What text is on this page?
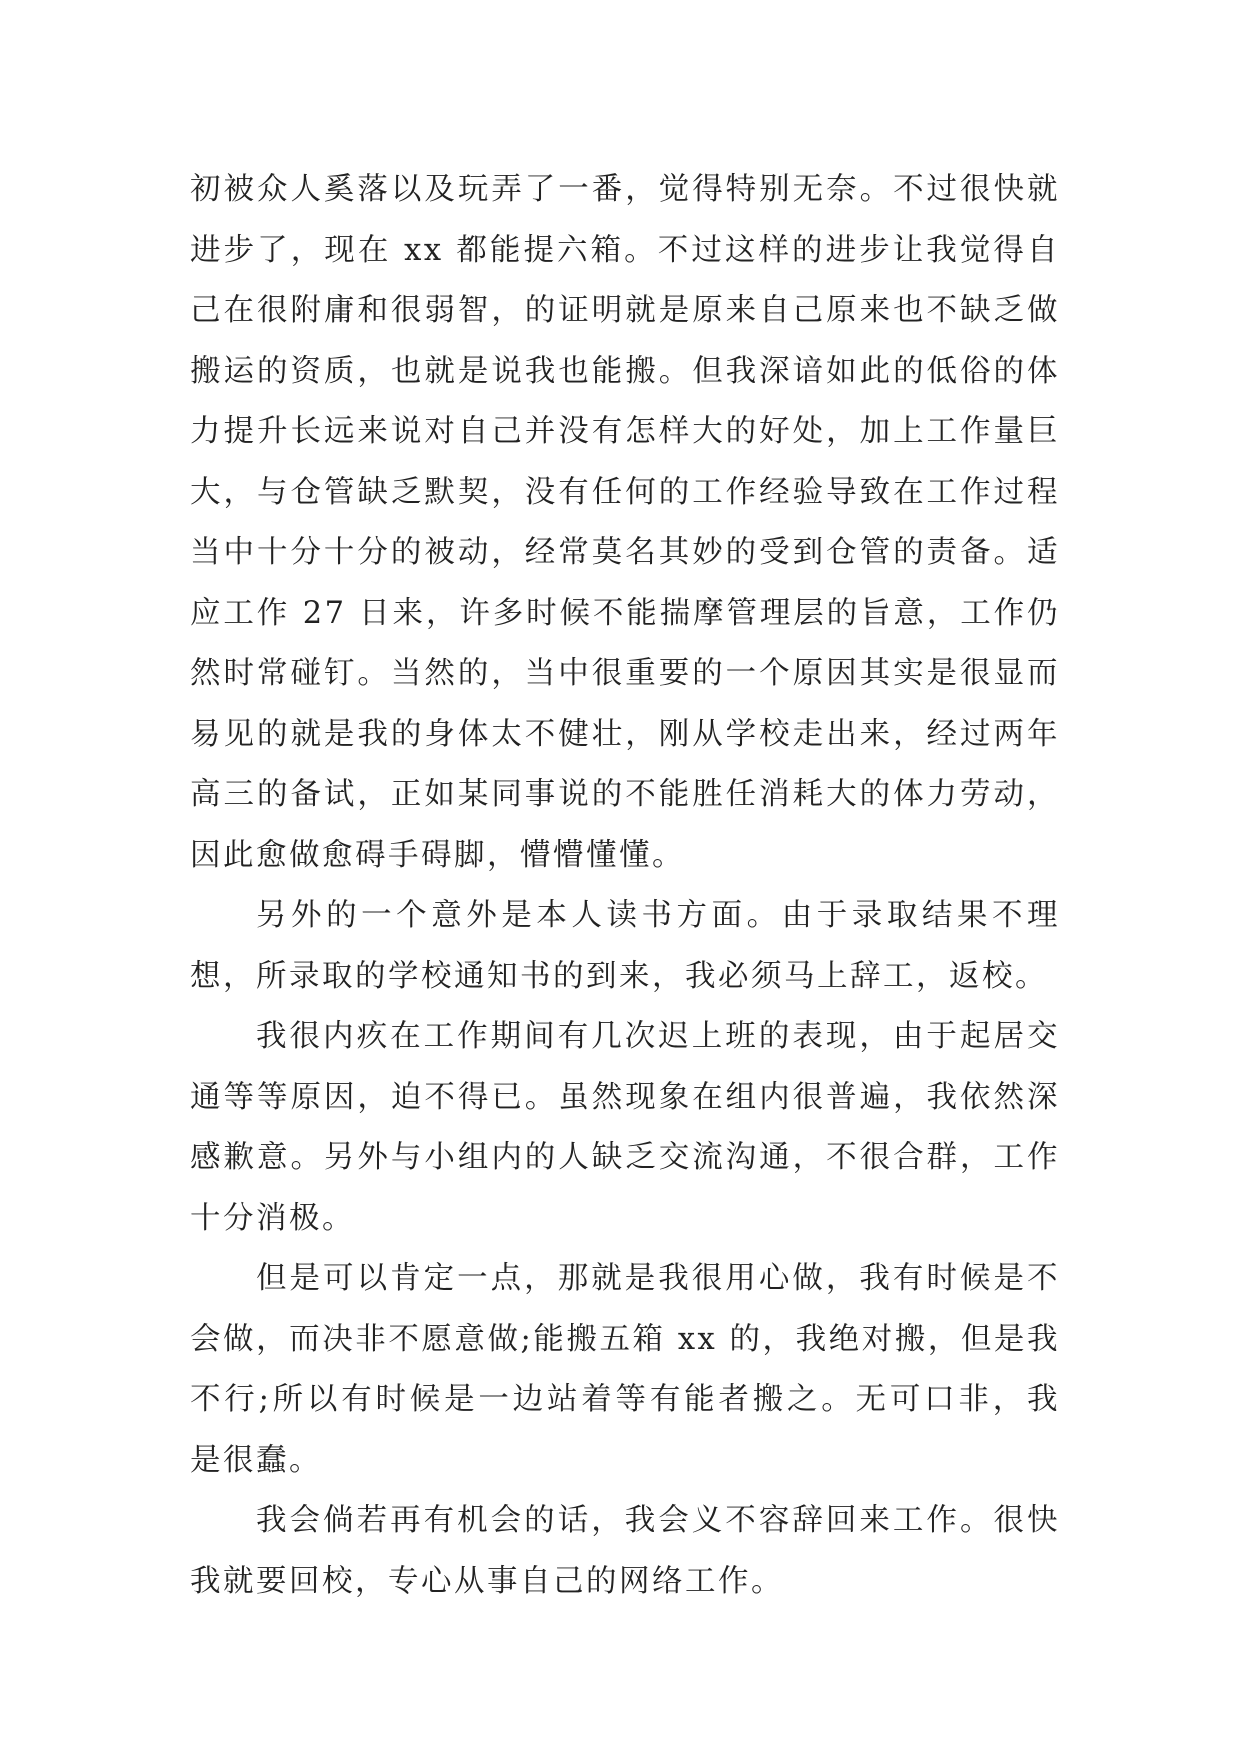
初被众人奚落以及玩弄了一番，觉得特别无奈。不过很快就进步了，现在 xx 都能提六箱。不过这样的进步让我觉得自己在很附庸和很弱智，的证明就是原来自己原来也不缺乏做搬运的资质，也就是说我也能搬。但我深谙如此的低俗的体力提升长远来说对自己并没有怎样大的好处，加上工作量巨大，与仓管缺乏默契，没有任何的工作经验导致在工作过程当中十分十分的被动，经常莫名其妙的受到仓管的责备。适应工作 27 日来，许多时候不能揣摩管理层的旨意，工作仍然时常碰钉。当然的，当中很重要的一个原因其实是很显而易见的就是我的身体太不健壮，刚从学校走出来，经过两年高三的备试，正如某同事说的不能胜任消耗大的体力劳动，因此愈做愈碍手碍脚，懵懵懂懂。

另外的一个意外是本人读书方面。由于录取结果不理想，所录取的学校通知书的到来，我必须马上辞工，返校。

我很内疚在工作期间有几次迟上班的表现，由于起居交通等等原因，迫不得已。虽然现象在组内很普遍，我依然深感歉意。另外与小组内的人缺乏交流沟通，不很合群，工作十分消极。

但是可以肯定一点，那就是我很用心做，我有时候是不会做，而决非不愿意做;能搬五箱 xx 的，我绝对搬，但是我不行;所以有时候是一边站着等有能者搬之。无可口非，我是很蠢。

我会倘若再有机会的话，我会义不容辞回来工作。很快我就要回校，专心从事自己的网络工作。
